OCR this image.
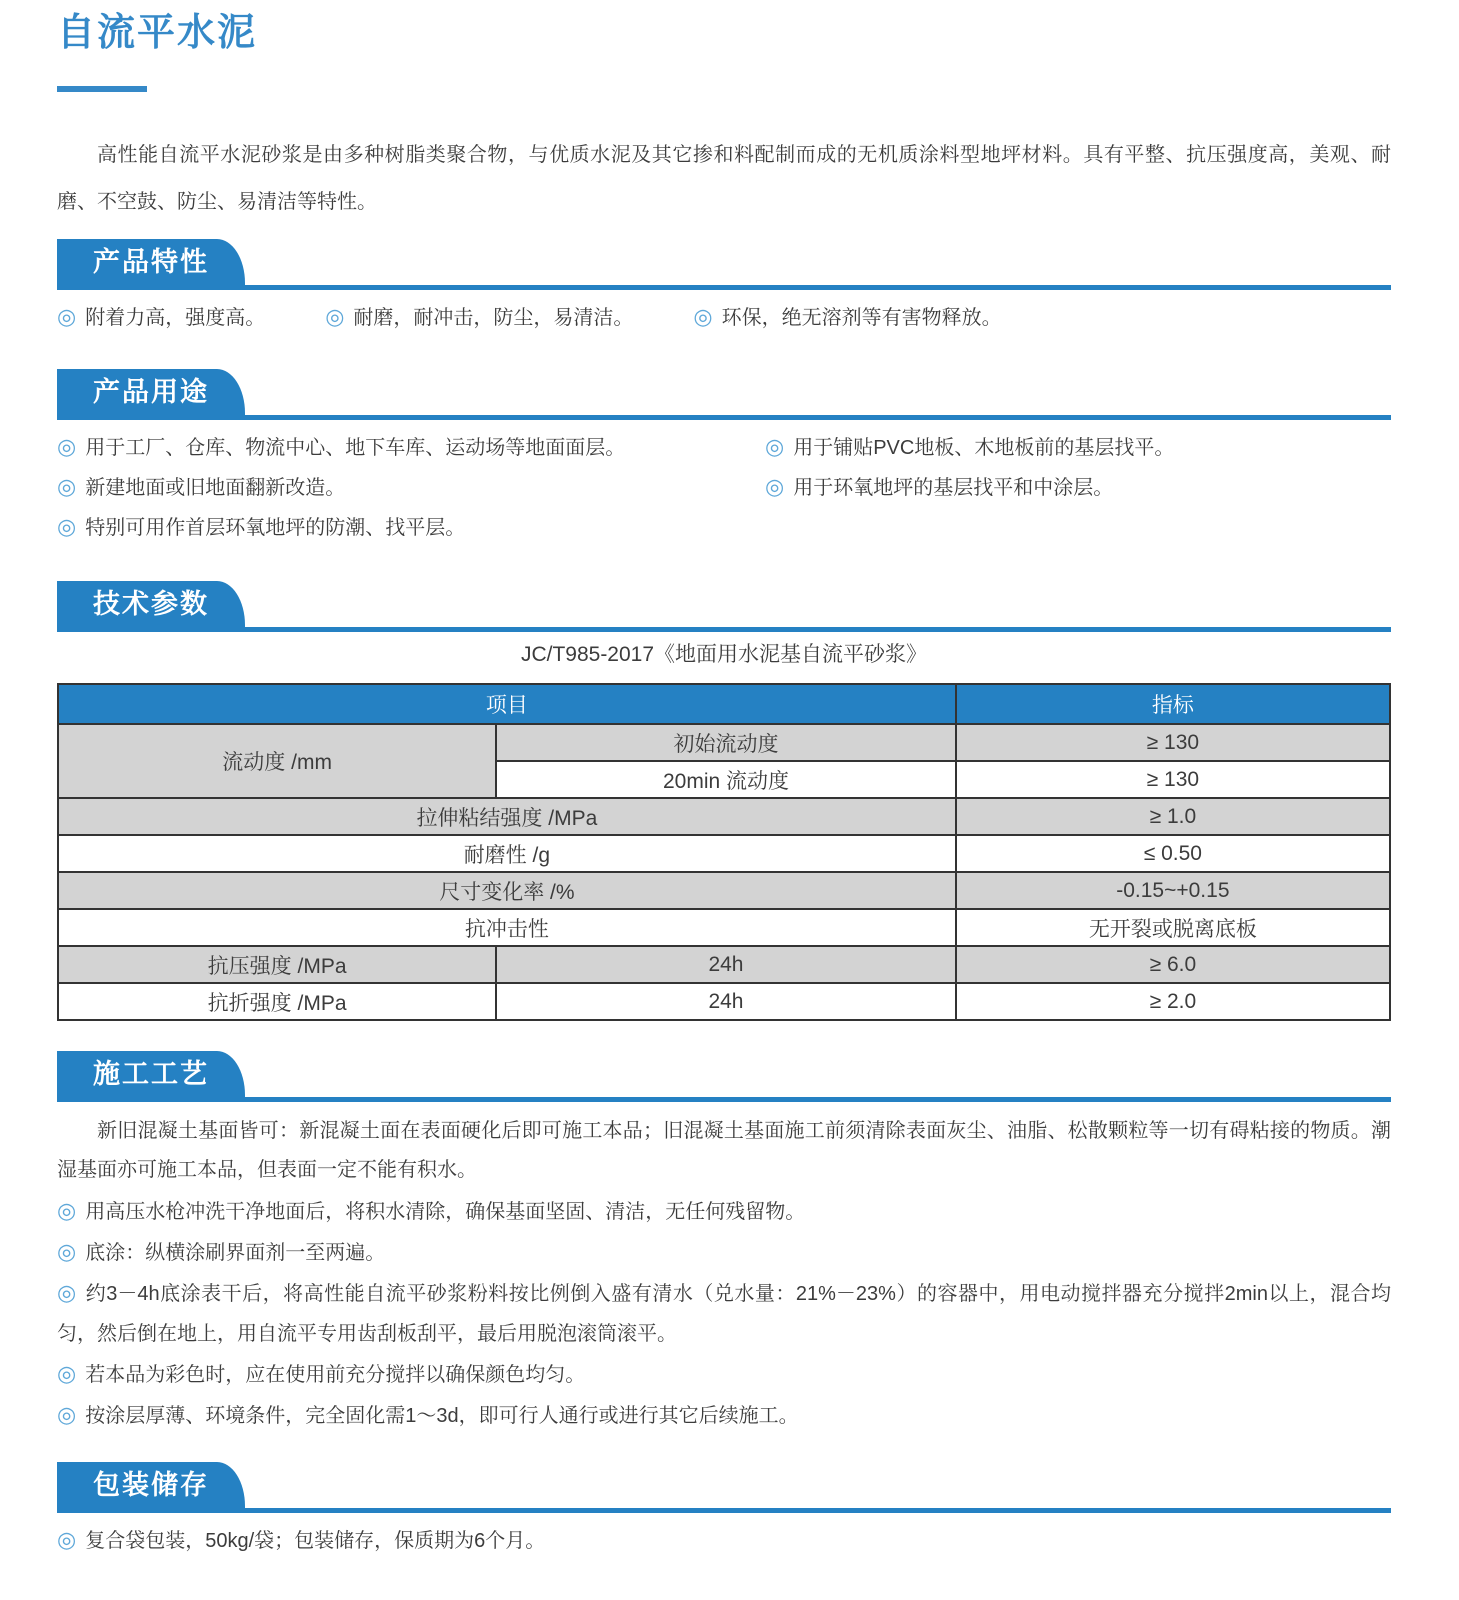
自流平水泥

高性能自流平水泥砂浆是由多种树脂类聚合物，与优质水泥及其它掺和料配制而成的无机质涂料型地坪材料。具有平整、抗压强度高，美观、耐磨、不空鼓、防尘、易清洁等特性。

产品特性
◎ 附着力高，强度高。	◎ 耐磨，耐冲击，防尘，易清洁。	◎ 环保，绝无溶剂等有害物释放。
产品用途
◎ 用于工厂、仓库、物流中心、地下车库、运动场等地面面层。
◎ 新建地面或旧地面翻新改造。
◎ 特别可用作首层环氧地坪的防潮、找平层。
◎ 用于铺贴PVC地板、木地板前的基层找平。
◎ 用于环氧地坪的基层找平和中涂层。
技术参数
JC/T985-2017《地面用水泥基自流平砂浆》
项目		指标
流动度 /mm	初始流动度	≥ 130
	20min 流动度	≥ 130
拉伸粘结强度 /MPa		≥ 1.0
耐磨性 /g		≤ 0.50
尺寸变化率 /%		-0.15~+0.15
抗冲击性		无开裂或脱离底板
抗压强度 /MPa	24h	≥ 6.0
抗折强度 /MPa	24h	≥ 2.0
施工工艺

新旧混凝土基面皆可：新混凝土面在表面硬化后即可施工本品；旧混凝土基面施工前须清除表面灰尘、油脂、松散颗粒等一切有碍粘接的物质。潮湿基面亦可施工本品，但表面一定不能有积水。

◎ 用高压水枪冲洗干净地面后，将积水清除，确保基面坚固、清洁，无任何残留物。
◎ 底涂：纵横涂刷界面剂一至两遍。
◎ 约3－4h底涂表干后，将高性能自流平砂浆粉料按比例倒入盛有清水（兑水量：21%－23%）的容器中，用电动搅拌器充分搅拌2min以上，混合均匀，然后倒在地上，用自流平专用齿刮板刮平，最后用脱泡滚筒滚平。
◎ 若本品为彩色时，应在使用前充分搅拌以确保颜色均匀。
◎ 按涂层厚薄、环境条件，完全固化需1～3d，即可行人通行或进行其它后续施工。
包装储存
◎ 复合袋包装，50kg/袋；包装储存，保质期为6个月。
